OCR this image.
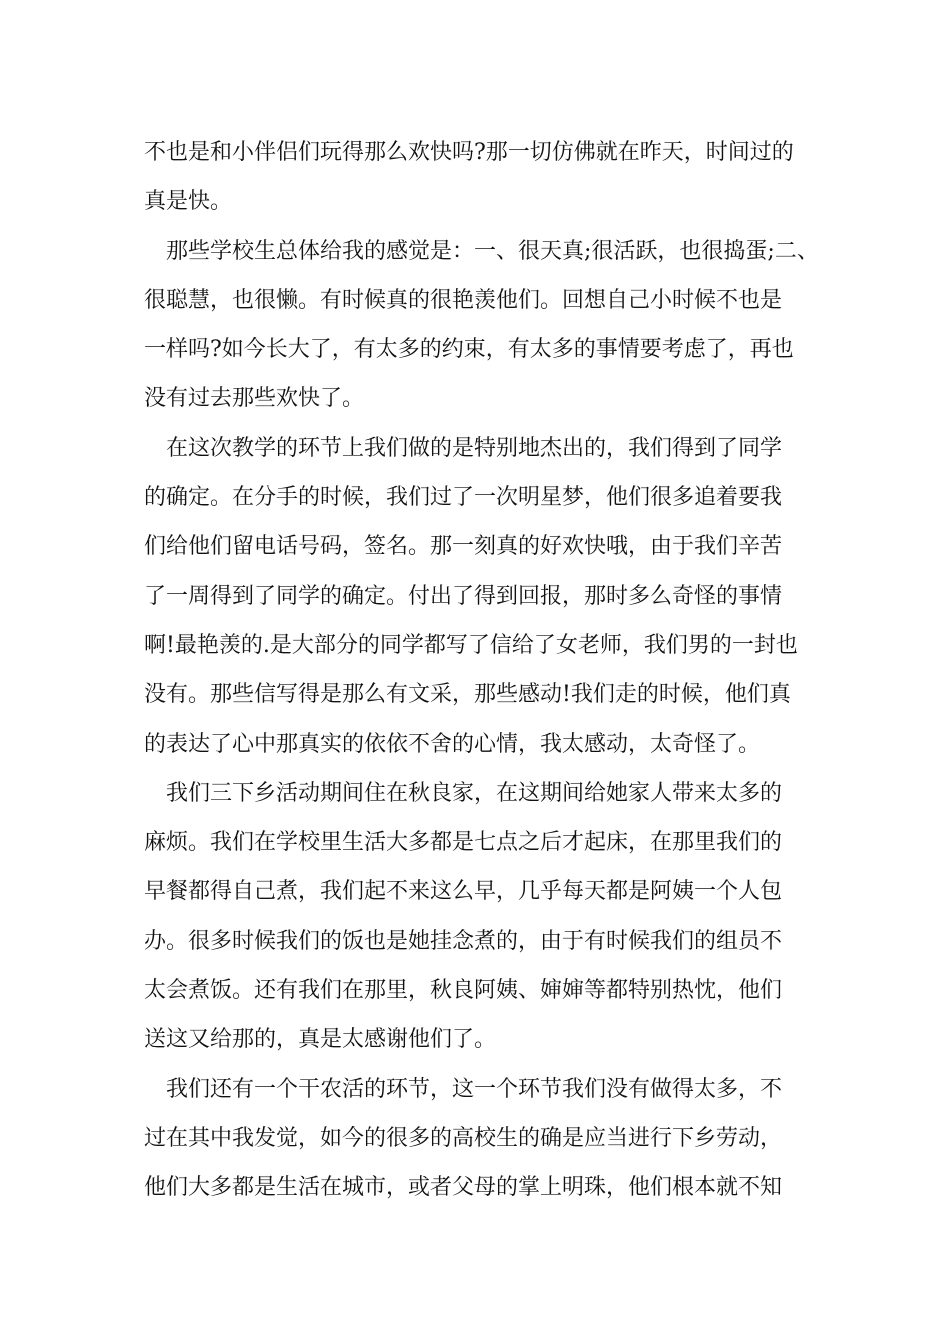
不也是和小伴侣们玩得那么欢快吗?那一切仿佛就在昨天，时间过的
真是快。
那些学校生总体给我的感觉是：一、很天真;很活跃，也很捣蛋;二、
很聪慧，也很懒。有时候真的很艳羡他们。回想自己小时候不也是
一样吗?如今长大了，有太多的约束，有太多的事情要考虑了，再也
没有过去那些欢快了。
在这次教学的环节上我们做的是特别地杰出的，我们得到了同学
的确定。在分手的时候，我们过了一次明星梦，他们很多追着要我
们给他们留电话号码，签名。那一刻真的好欢快哦，由于我们辛苦
了一周得到了同学的确定。付出了得到回报，那时多么奇怪的事情
啊!最艳羡的.是大部分的同学都写了信给了女老师，我们男的一封也
没有。那些信写得是那么有文采，那些感动!我们走的时候，他们真
的表达了心中那真实的依依不舍的心情，我太感动，太奇怪了。
我们三下乡活动期间住在秋良家，在这期间给她家人带来太多的
麻烦。我们在学校里生活大多都是七点之后才起床，在那里我们的
早餐都得自己煮，我们起不来这么早，几乎每天都是阿姨一个人包
办。很多时候我们的饭也是她挂念煮的，由于有时候我们的组员不
太会煮饭。还有我们在那里，秋良阿姨、婶婶等都特别热忱，他们
送这又给那的，真是太感谢他们了。
我们还有一个干农活的环节，这一个环节我们没有做得太多，不
过在其中我发觉，如今的很多的高校生的确是应当进行下乡劳动，
他们大多都是生活在城市，或者父母的掌上明珠，他们根本就不知
